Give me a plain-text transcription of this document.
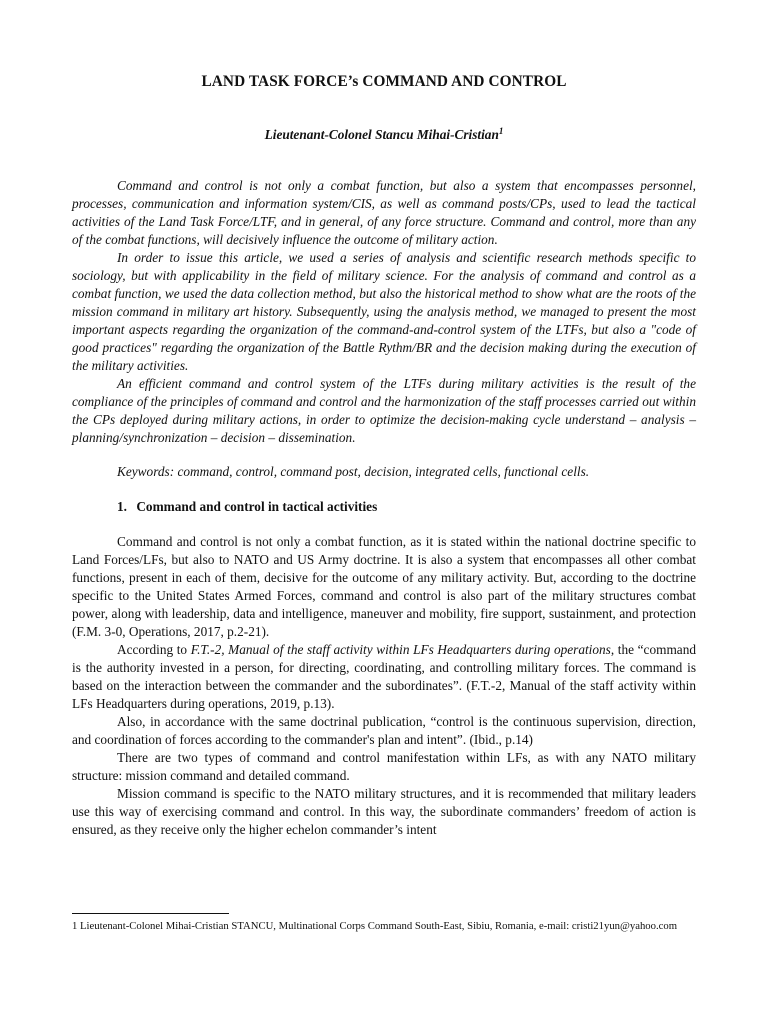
LAND TASK FORCE’s COMMAND AND CONTROL
Lieutenant-Colonel Stancu Mihai-Cristian$^1$

Command and control is not only a combat function, but also a system that encompasses personnel, processes, communication and information system/CIS, as well as command posts/CPs, used to lead the tactical activities of the Land Task Force/LTF, and in general, of any force structure. Command and control, more than any of the combat functions, will decisively influence the outcome of military action.

In order to issue this article, we used a series of analysis and scientific research methods specific to sociology, but with applicability in the field of military science. For the analysis of command and control as a combat function, we used the data collection method, but also the historical method to show what are the roots of the mission command in military art history. Subsequently, using the analysis method, we managed to present the most important aspects regarding the organization of the command-and-control system of the LTFs, but also a "code of good practices" regarding the organization of the Battle Rythm/BR and the decision making during the execution of the military activities.

An efficient command and control system of the LTFs during military activities is the result of the compliance of the principles of command and control and the harmonization of the staff processes carried out within the CPs deployed during military actions, in order to optimize the decision-making cycle understand – analysis – planning/synchronization – decision – dissemination.

Keywords: command, control, command post, decision, integrated cells, functional cells.

1. Command and control in tactical activities

Command and control is not only a combat function, as it is stated within the national doctrine specific to Land Forces/LFs, but also to NATO and US Army doctrine. It is also a system that encompasses all other combat functions, present in each of them, decisive for the outcome of any military activity. But, according to the doctrine specific to the United States Armed Forces, command and control is also part of the military structures combat power, along with leadership, data and intelligence, maneuver and mobility, fire support, sustainment, and protection (F.M. 3-0, Operations, 2017, p.2-21).

According to F.T.-2, Manual of the staff activity within LFs Headquarters during operations, the “command is the authority invested in a person, for directing, coordinating, and controlling military forces. The command is based on the interaction between the commander and the subordinates”. (F.T.-2, Manual of the staff activity within LFs Headquarters during operations, 2019, p.13).

Also, in accordance with the same doctrinal publication, “control is the continuous supervision, direction, and coordination of forces according to the commander's plan and intent”. (Ibid., p.14)

There are two types of command and control manifestation within LFs, as with any NATO military structure: mission command and detailed command.

Mission command is specific to the NATO military structures, and it is recommended that military leaders use this way of exercising command and control. In this way, the subordinate commanders’ freedom of action is ensured, as they receive only the higher echelon commander’s intent

1 Lieutenant-Colonel Mihai-Cristian STANCU, Multinational Corps Command South-East, Sibiu, Romania, e-mail: cristi21yun@yahoo.com
